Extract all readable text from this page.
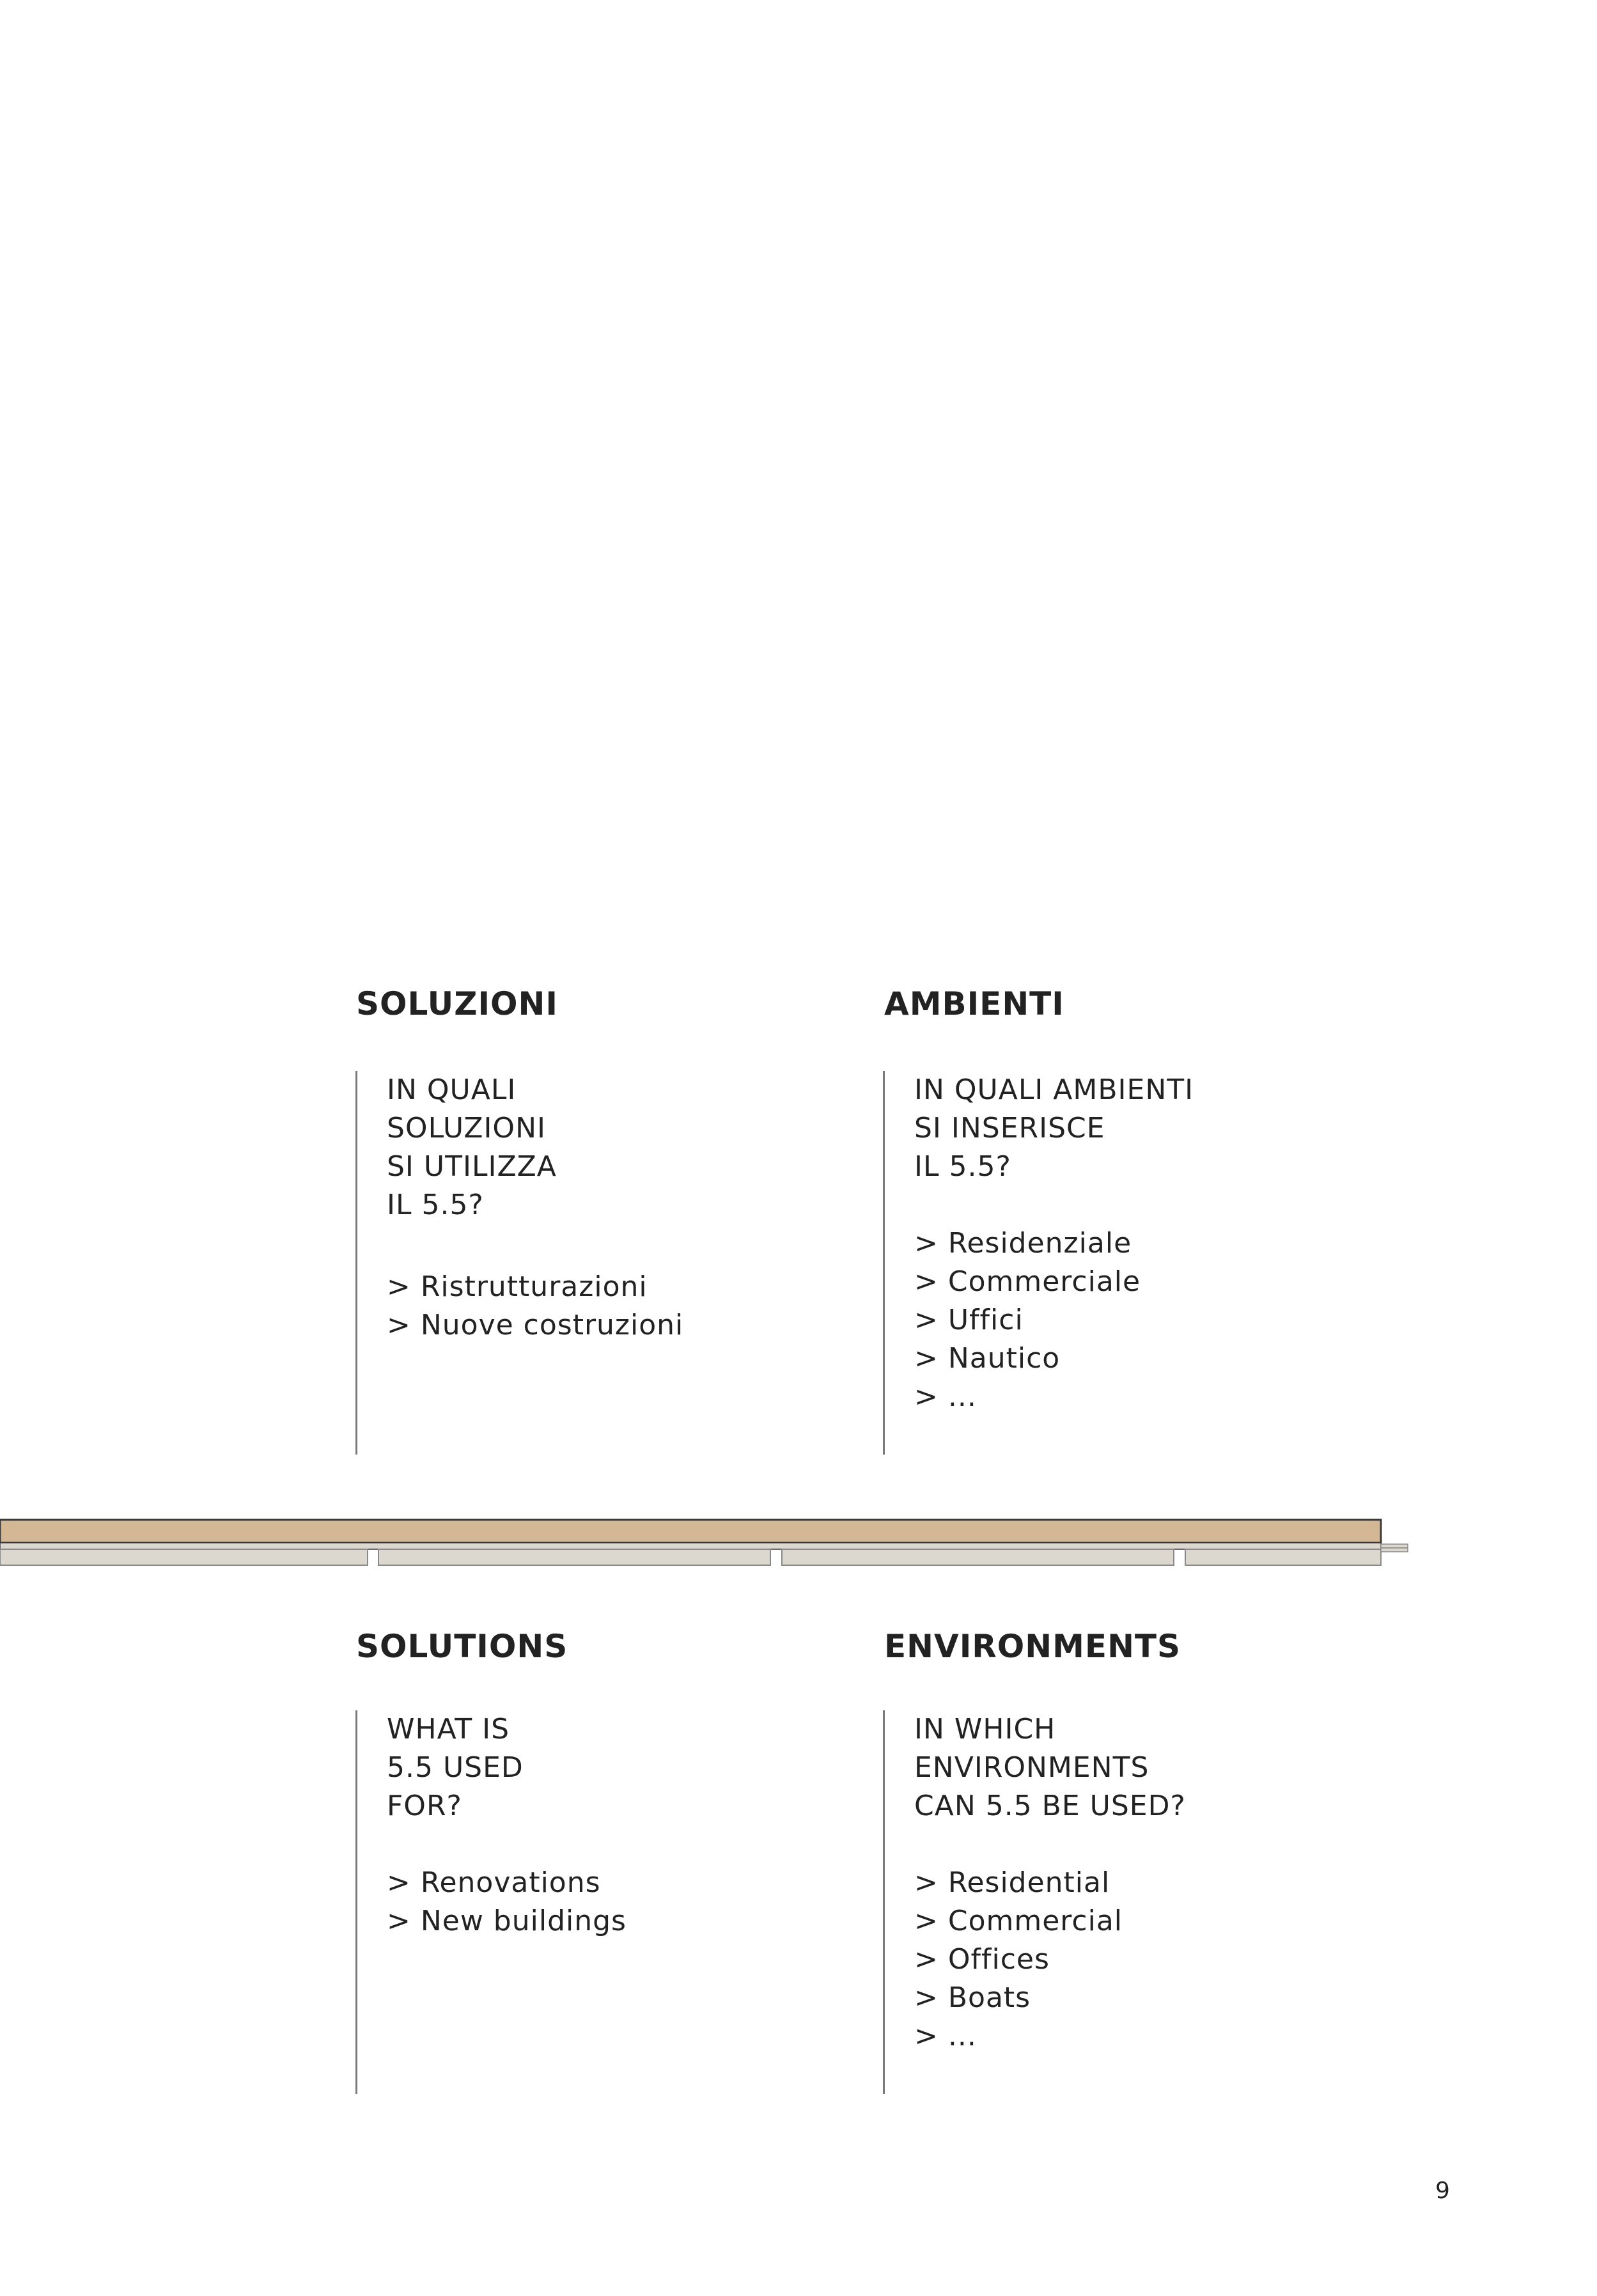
SOLUZIONI	AMBIENTI

IN QUALI
SOLUZIONI
SI UTILIZZA
IL 5.5?

> Ristrutturazioni
> Nuove costruzioni

IN QUALI AMBIENTI
SI INSERISCE
IL 5.5?

> Residenziale
> Commerciale
> Uffici
> Nautico
> ...
SOLUTIONS	ENVIRONMENTS

WHAT IS
5.5 USED
FOR?

> Renovations
> New buildings

IN WHICH
ENVIRONMENTS
CAN 5.5 BE USED?

> Residential
> Commercial
> Offices
> Boats
> ...
9
